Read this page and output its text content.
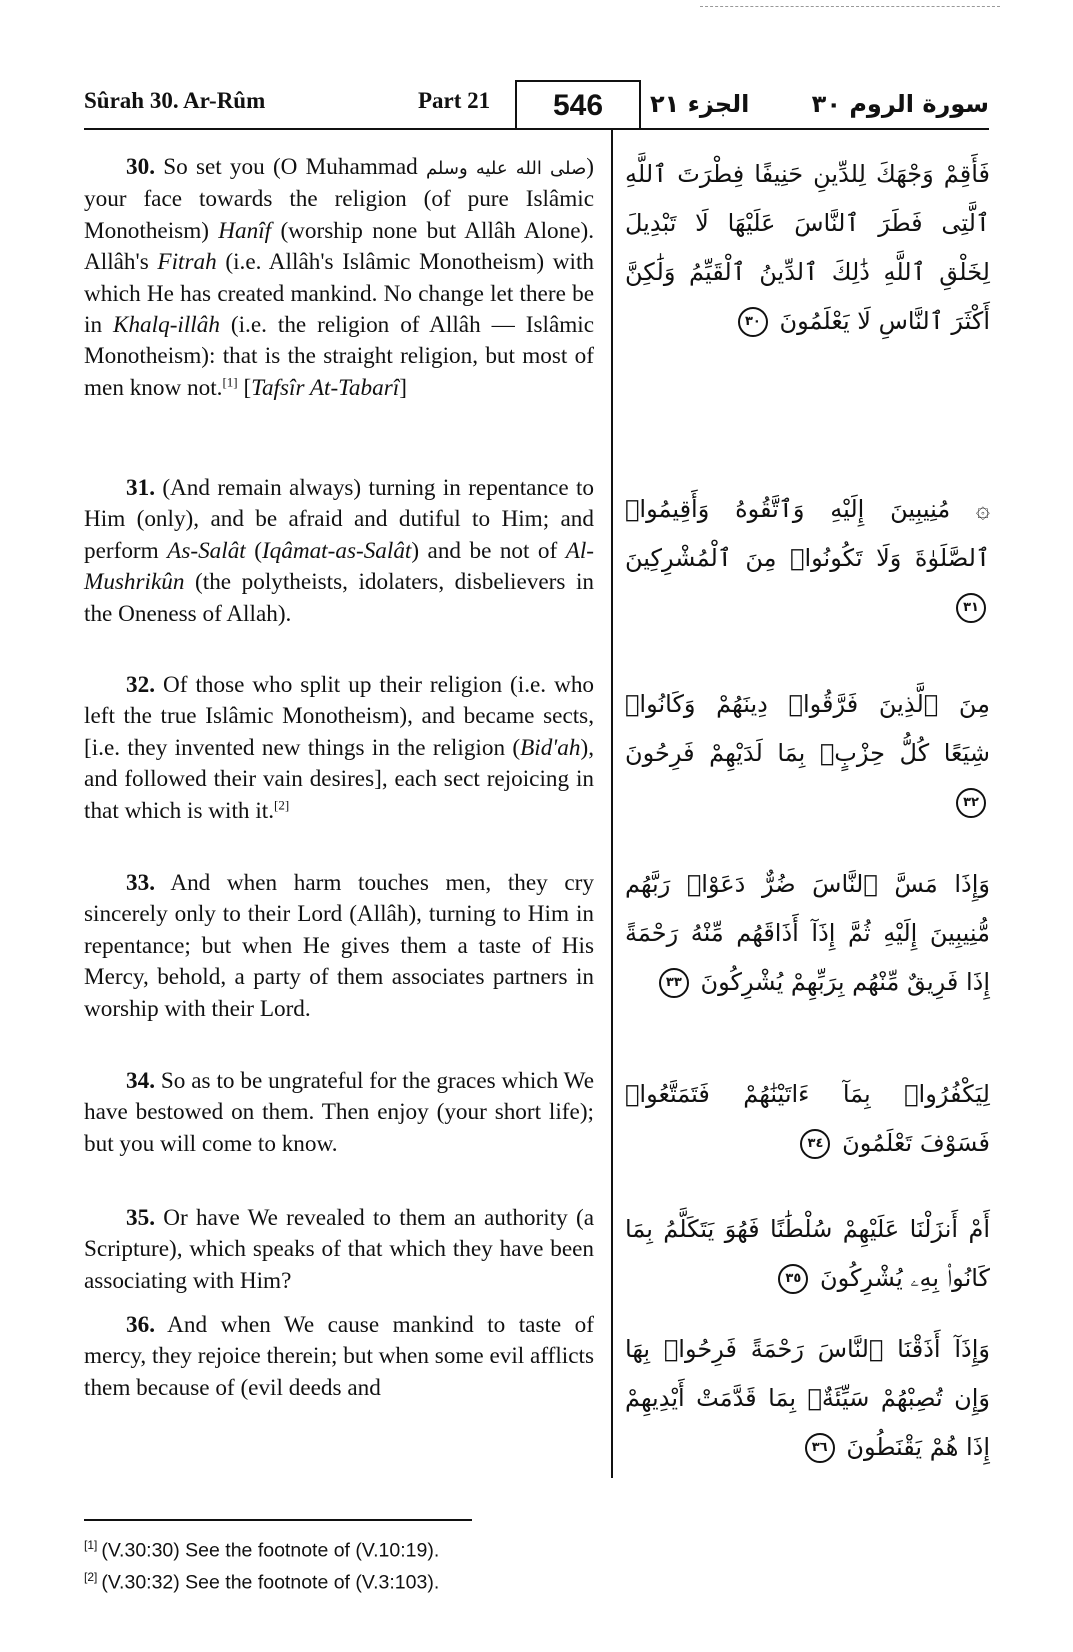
Sûrah 30. Ar-Rûm	Part 21	546	الجزء ٢١	سورة الروم ٣٠
30. So set you (O Muhammad صلى الله عليه وسلم) your face towards the religion (of pure Islâmic Monotheism) Hanîf (worship none but Allâh Alone). Allâh's Fitrah (i.e. Allâh's Islâmic Monotheism) with which He has created mankind. No change let there be in Khalq-illâh (i.e. the religion of Allâh — Islâmic Monotheism): that is the straight religion, but most of men know not.[1] [Tafsîr At-Tabarî]
فَأَقِمْ وَجْهَكَ لِلدِّينِ حَنِيفًا فِطْرَتَ ٱللَّهِ ٱلَّتِى فَطَرَ ٱلنَّاسَ عَلَيْهَا لَا تَبْدِيلَ لِخَلْقِ ٱللَّهِ ذَٰلِكَ ٱلدِّينُ ٱلْقَيِّمُ وَلَٰكِنَّ أَكْثَرَ ٱلنَّاسِ لَا يَعْلَمُونَ ٣٠
31. (And remain always) turning in repentance to Him (only), and be afraid and dutiful to Him; and perform As-Salât (Iqâmat-as-Salât) and be not of Al-Mushrikûn (the polytheists, idolaters, disbelievers in the Oneness of Allah).
۞ مُنِيبِينَ إِلَيْهِ وَٱتَّقُوهُ وَأَقِيمُوا۟ ٱلصَّلَوٰةَ وَلَا تَكُونُوا۟ مِنَ ٱلْمُشْرِكِينَ ٣١
32. Of those who split up their religion (i.e. who left the true Islâmic Monotheism), and became sects, [i.e. they invented new things in the religion (Bid'ah), and followed their vain desires], each sect rejoicing in that which is with it.[2]
مِنَ ٱلَّذِينَ فَرَّقُوا۟ دِينَهُمْ وَكَانُوا۟ شِيَعًا كُلُّ حِزْبٍۭ بِمَا لَدَيْهِمْ فَرِحُونَ ٣٢
33. And when harm touches men, they cry sincerely only to their Lord (Allâh), turning to Him in repentance; but when He gives them a taste of His Mercy, behold, a party of them associates partners in worship with their Lord.
وَإِذَا مَسَّ ٱلنَّاسَ ضُرٌّ دَعَوْا۟ رَبَّهُم مُّنِيبِينَ إِلَيْهِ ثُمَّ إِذَآ أَذَاقَهُم مِّنْهُ رَحْمَةً إِذَا فَرِيقٌ مِّنْهُم بِرَبِّهِمْ يُشْرِكُونَ ٣٣
34. So as to be ungrateful for the graces which We have bestowed on them. Then enjoy (your short life); but you will come to know.
لِيَكْفُرُوا۟ بِمَآ ءَاتَيْنَٰهُمْ فَتَمَتَّعُوا۟ فَسَوْفَ تَعْلَمُونَ ٣٤
35. Or have We revealed to them an authority (a Scripture), which speaks of that which they have been associating with Him?
أَمْ أَنزَلْنَا عَلَيْهِمْ سُلْطَٰنًا فَهُوَ يَتَكَلَّمُ بِمَا كَانُوا۟ بِهِۦ يُشْرِكُونَ ٣٥
36. And when We cause mankind to taste of mercy, they rejoice therein; but when some evil afflicts them because of (evil deeds and
وَإِذَآ أَذَقْنَا ٱلنَّاسَ رَحْمَةً فَرِحُوا۟ بِهَا وَإِن تُصِبْهُمْ سَيِّئَةٌۢ بِمَا قَدَّمَتْ أَيْدِيهِمْ إِذَا هُمْ يَقْنَطُونَ ٣٦
[1] (V.30:30) See the footnote of (V.10:19).
[2] (V.30:32) See the footnote of (V.3:103).
